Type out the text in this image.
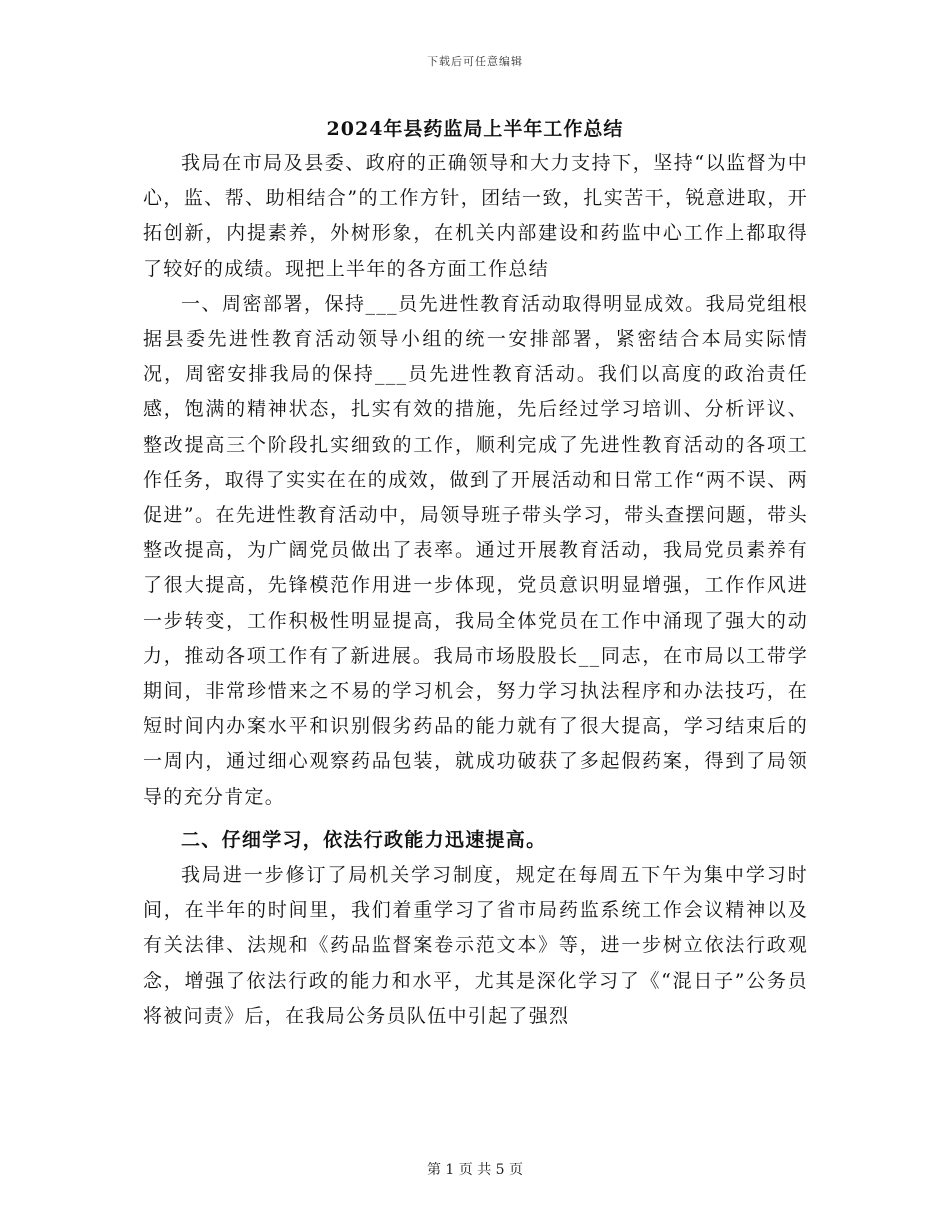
下载后可任意编辑
2024年县药监局上半年工作总结

我局在市局及县委、政府的正确领导和大力支持下，坚持“以监督为中心，监、帮、助相结合”的工作方针，团结一致，扎实苦干，锐意进取，开拓创新，内提素养，外树形象，在机关内部建设和药监中心工作上都取得了较好的成绩。现把上半年的各方面工作总结

一、周密部署，保持___员先进性教育活动取得明显成效。我局党组根据县委先进性教育活动领导小组的统一安排部署，紧密结合本局实际情况，周密安排我局的保持___员先进性教育活动。我们以高度的政治责任感，饱满的精神状态，扎实有效的措施，先后经过学习培训、分析评议、整改提高三个阶段扎实细致的工作，顺利完成了先进性教育活动的各项工作任务，取得了实实在在的成效，做到了开展活动和日常工作“两不误、两促进”。在先进性教育活动中，局领导班子带头学习，带头查摆问题，带头整改提高，为广阔党员做出了表率。通过开展教育活动，我局党员素养有了很大提高，先锋模范作用进一步体现，党员意识明显增强，工作作风进一步转变，工作积极性明显提高，我局全体党员在工作中涌现了强大的动力，推动各项工作有了新进展。我局市场股股长__同志，在市局以工带学期间，非常珍惜来之不易的学习机会，努力学习执法程序和办法技巧，在短时间内办案水平和识别假劣药品的能力就有了很大提高，学习结束后的一周内，通过细心观察药品包装，就成功破获了多起假药案，得到了局领导的充分肯定。

二、仔细学习，依法行政能力迅速提高。

我局进一步修订了局机关学习制度，规定在每周五下午为集中学习时间，在半年的时间里，我们着重学习了省市局药监系统工作会议精神以及有关法律、法规和《药品监督案卷示范文本》等，进一步树立依法行政观念，增强了依法行政的能力和水平，尤其是深化学习了《“混日子”公务员将被问责》后，在我局公务员队伍中引起了强烈

第 1 页 共 5 页
